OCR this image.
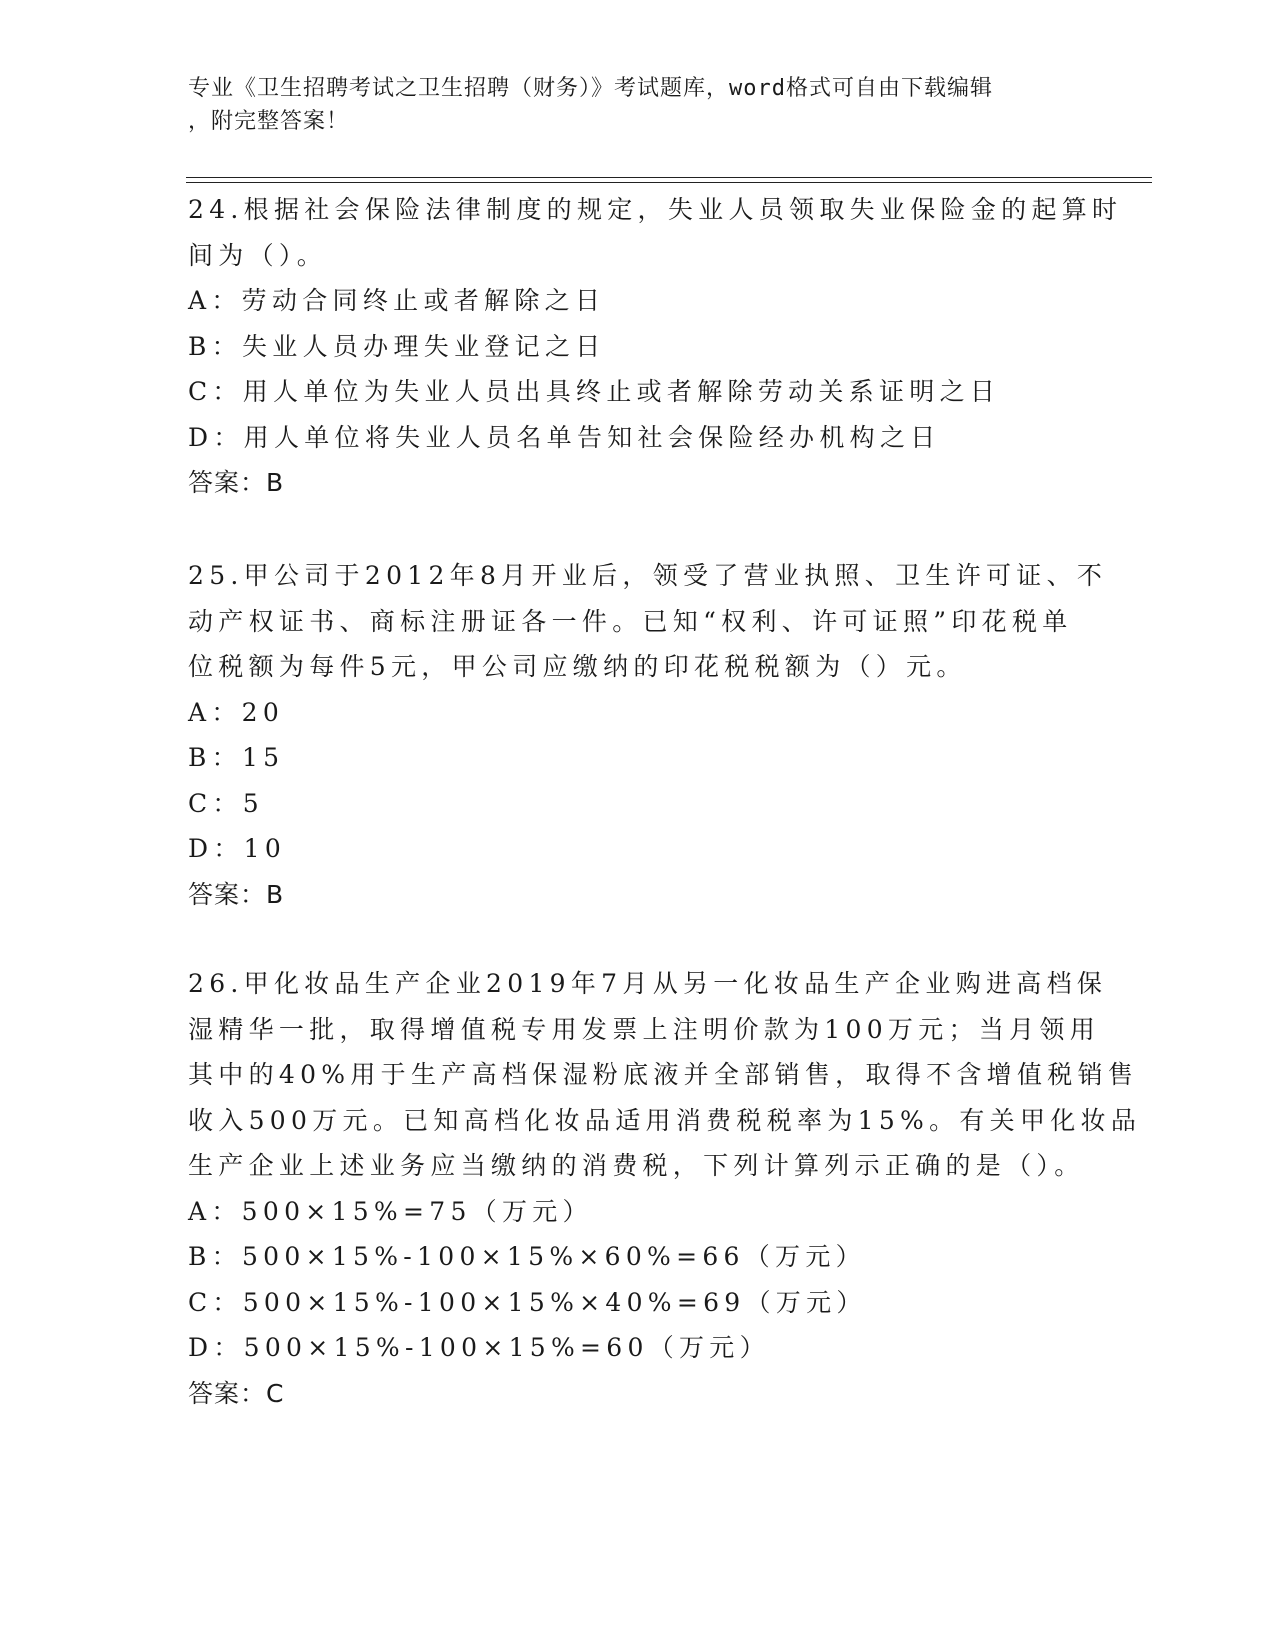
专业《卫生招聘考试之卫生招聘（财务）》考试题库，word格式可自由下载编辑
，附完整答案！
24.根据社会保险法律制度的规定，失业人员领取失业保险金的起算时
间为（）。
A：劳动合同终止或者解除之日
B：失业人员办理失业登记之日
C：用人单位为失业人员出具终止或者解除劳动关系证明之日
D：用人单位将失业人员名单告知社会保险经办机构之日
答案：B
25.甲公司于2012年8月开业后，领受了营业执照、卫生许可证、不
动产权证书、商标注册证各一件。已知“权利、许可证照”印花税单
位税额为每件5元，甲公司应缴纳的印花税税额为（）元。
A：20
B：15
C：5
D：10
答案：B
26.甲化妆品生产企业2019年7月从另一化妆品生产企业购进高档保
湿精华一批，取得增值税专用发票上注明价款为100万元；当月领用
其中的40%用于生产高档保湿粉底液并全部销售，取得不含增值税销售
收入500万元。已知高档化妆品适用消费税税率为15%。有关甲化妆品
生产企业上述业务应当缴纳的消费税，下列计算列示正确的是（）。
A：500×15%=75（万元）
B：500×15%-100×15%×60%=66（万元）
C：500×15%-100×15%×40%=69（万元）
D：500×15%-100×15%=60（万元）
答案：C
